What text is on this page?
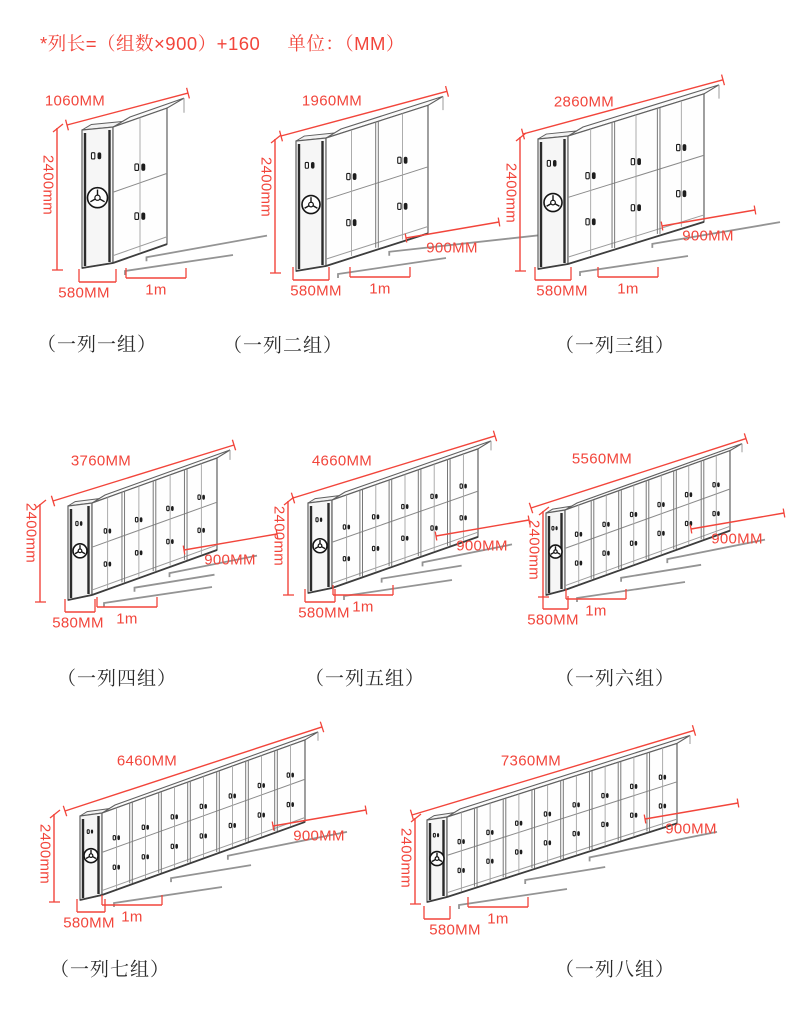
*列长=（组数×900）+160 单位：（MM）
1060MM
2400mm
580MM 1m
（一列一组）
1960MM
2400mm
580MM 1m
900MM
（一列二组）
2860MM
2400mm
580MM 1m
900MM
（一列三组）
3760MM
2400mm
580MM 1m
900MM
（一列四组）
4660MM
2400mm
580MM 1m
900MM
（一列五组）
5560MM
2400mm
580MM
1m
900MM
（一列六组）
6460MM
2400mm
580MM 1m
900MM
（一列七组）
7360MM
2400mm
580MM
1m
900MM
（一列八组）
